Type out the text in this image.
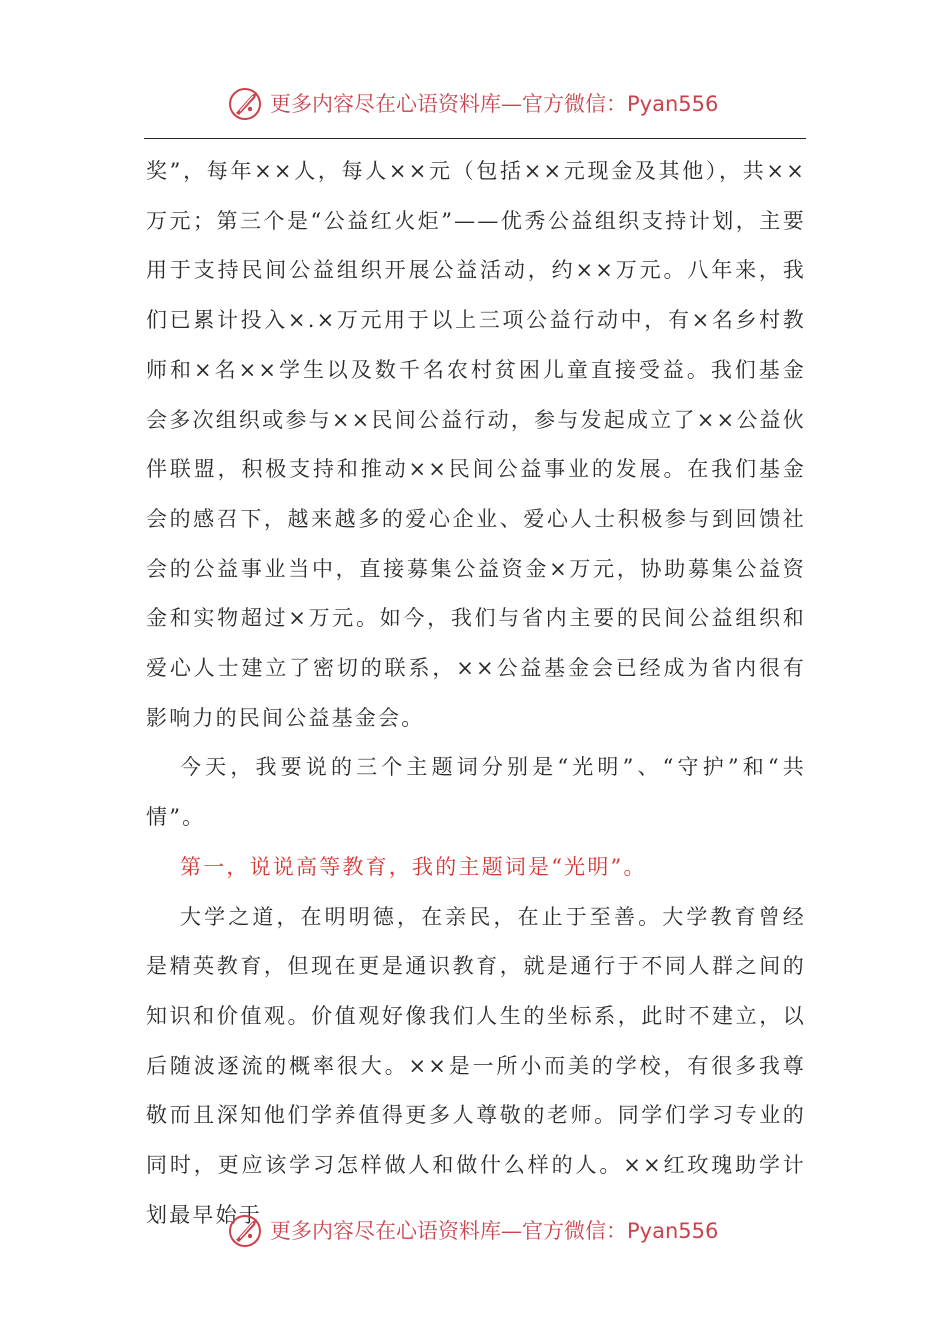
更多内容尽在心语资料库—官方微信：Pyan556

奖”，每年××人，每人××元（包括××元现金及其他），共××万元；第三个是“公益红火炬”——优秀公益组织支持计划，主要用于支持民间公益组织开展公益活动，约××万元。八年来，我们已累计投入×.×万元用于以上三项公益行动中，有×名乡村教师和×名××学生以及数千名农村贫困儿童直接受益。我们基金会多次组织或参与××民间公益行动，参与发起成立了××公益伙伴联盟，积极支持和推动××民间公益事业的发展。在我们基金会的感召下，越来越多的爱心企业、爱心人士积极参与到回馈社会的公益事业当中，直接募集公益资金×万元，协助募集公益资金和实物超过×万元。如今，我们与省内主要的民间公益组织和爱心人士建立了密切的联系，××公益基金会已经成为省内很有影响力的民间公益基金会。

今天，我要说的三个主题词分别是“光明”、“守护”和“共情”。

第一，说说高等教育，我的主题词是“光明”。

大学之道，在明明德，在亲民，在止于至善。大学教育曾经是精英教育，但现在更是通识教育，就是通行于不同人群之间的知识和价值观。价值观好像我们人生的坐标系，此时不建立，以后随波逐流的概率很大。××是一所小而美的学校，有很多我尊敬而且深知他们学养值得更多人尊敬的老师。同学们学习专业的同时，更应该学习怎样做人和做什么样的人。××红玫瑰助学计划最早始于

更多内容尽在心语资料库—官方微信：Pyan556
